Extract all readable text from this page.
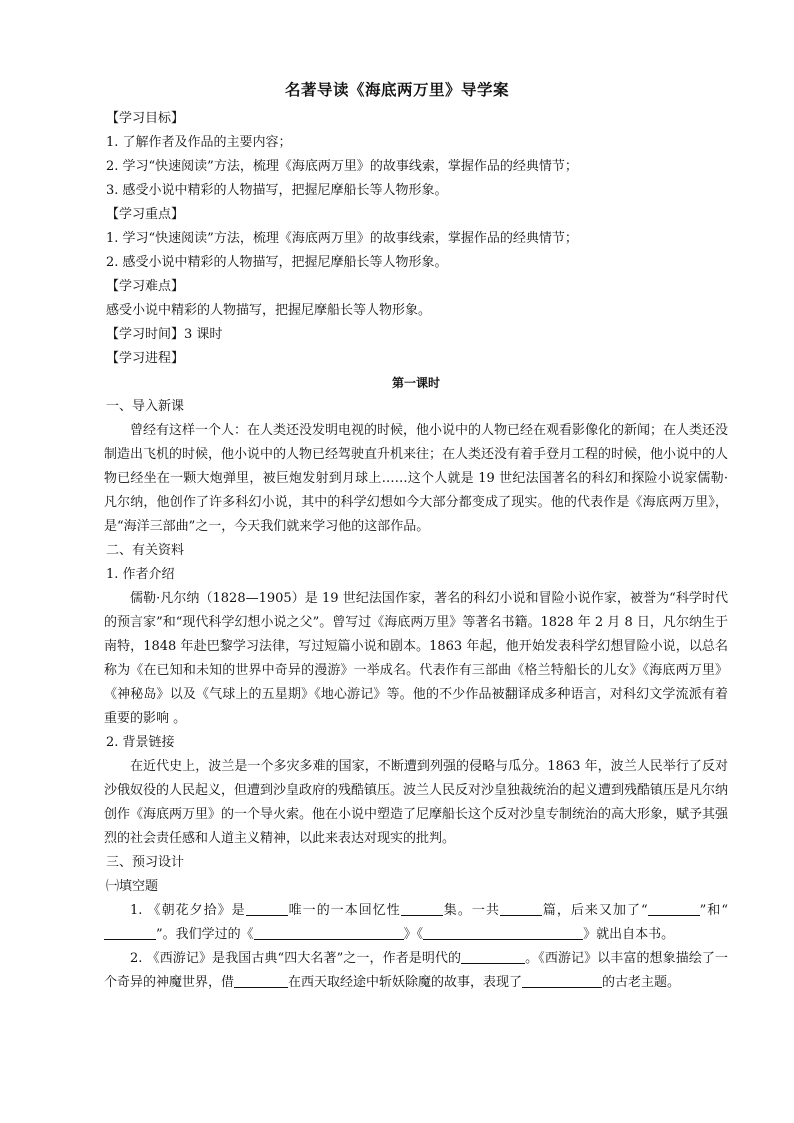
名著导读《海底两万里》导学案

【学习目标】

1. 了解作者及作品的主要内容；

2. 学习“快速阅读”方法，梳理《海底两万里》的故事线索，掌握作品的经典情节；

3. 感受小说中精彩的人物描写，把握尼摩船长等人物形象。

【学习重点】

1. 学习“快速阅读”方法，梳理《海底两万里》的故事线索，掌握作品的经典情节；

2. 感受小说中精彩的人物描写，把握尼摩船长等人物形象。

【学习难点】

感受小说中精彩的人物描写，把握尼摩船长等人物形象。

【学习时间】3 课时

【学习进程】

第一课时

一、导入新课

曾经有这样一个人：在人类还没发明电视的时候，他小说中的人物已经在观看影像化的新闻；在人类还没制造出飞机的时候，他小说中的人物已经驾驶直升机来往；在人类还没有着手登月工程的时候，他小说中的人物已经坐在一颗大炮弹里，被巨炮发射到月球上……这个人就是 19 世纪法国著名的科幻和探险小说家儒勒·凡尔纳，他创作了许多科幻小说，其中的科学幻想如今大部分都变成了现实。他的代表作是《海底两万里》，是“海洋三部曲”之一，今天我们就来学习他的这部作品。

二、有关资料

1. 作者介绍

儒勒·凡尔纳（1828—1905）是 19 世纪法国作家，著名的科幻小说和冒险小说作家，被誉为“科学时代的预言家”和“现代科学幻想小说之父”。曾写过《海底两万里》等著名书籍。1828 年 2 月 8 日，凡尔纳生于南特，1848 年赴巴黎学习法律，写过短篇小说和剧本。1863 年起，他开始发表科学幻想冒险小说，以总名称为《在已知和未知的世界中奇异的漫游》一举成名。代表作有三部曲《格兰特船长的儿女》《海底两万里》《神秘岛》以及《气球上的五星期》《地心游记》等。他的不少作品被翻译成多种语言，对科幻文学流派有着重要的影响 。

2. 背景链接

在近代史上，波兰是一个多灾多难的国家，不断遭到列强的侵略与瓜分。1863 年，波兰人民举行了反对沙俄奴役的人民起义，但遭到沙皇政府的残酷镇压。波兰人民反对沙皇独裁统治的起义遭到残酷镇压是凡尔纳创作《海底两万里》的一个导火索。他在小说中塑造了尼摩船长这个反对沙皇专制统治的高大形象，赋予其强烈的社会责任感和人道主义精神，以此来表达对现实的批判。

三、预习设计

㈠填空题

1. 《朝花夕拾》是	唯一的一本回忆性	集。一共	篇，后来又加了“	”和“”。我们学过的《	》《	》就出自本书。

2. 《西游记》是我国古典“四大名著”之一，作者是明代的	。《西游记》以丰富的想象描绘了一个奇异的神魔世界，借	在西天取经途中斩妖除魔的故事，表现了	的古老主题。
